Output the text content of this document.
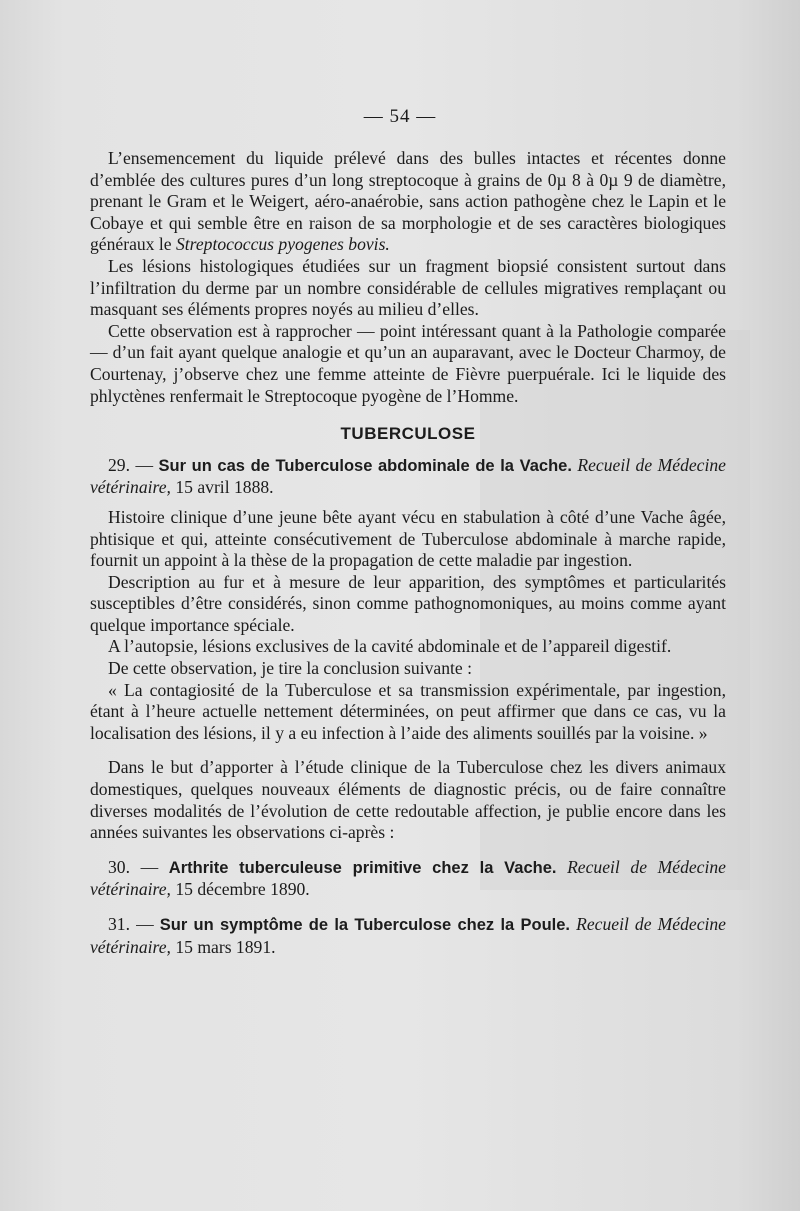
— 54 —

L’ensemencement du liquide prélevé dans des bulles intactes et récentes donne d’emblée des cultures pures d’un long streptocoque à grains de 0µ 8 à 0µ 9 de diamètre, prenant le Gram et le Weigert, aéro-anaérobie, sans action pathogène chez le Lapin et le Cobaye et qui semble être en raison de sa morphologie et de ses caractères biologiques généraux le Streptococcus pyogenes bovis.

Les lésions histologiques étudiées sur un fragment biopsié consistent surtout dans l’infiltration du derme par un nombre considérable de cellules migratives remplaçant ou masquant ses éléments propres noyés au milieu d’elles.

Cette observation est à rapprocher — point intéressant quant à la Pathologie comparée — d’un fait ayant quelque analogie et qu’un an auparavant, avec le Docteur Charmoy, de Courtenay, j’observe chez une femme atteinte de Fièvre puerpuérale. Ici le liquide des phlyctènes renfermait le Streptocoque pyogène de l’Homme.

TUBERCULOSE

29. — Sur un cas de Tuberculose abdominale de la Vache. Recueil de Médecine vétérinaire, 15 avril 1888.

Histoire clinique d’une jeune bête ayant vécu en stabulation à côté d’une Vache âgée, phtisique et qui, atteinte consécutivement de Tuberculose abdominale à marche rapide, fournit un appoint à la thèse de la propagation de cette maladie par ingestion.

Description au fur et à mesure de leur apparition, des symptômes et particularités susceptibles d’être considérés, sinon comme pathognomoniques, au moins comme ayant quelque importance spéciale.

A l’autopsie, lésions exclusives de la cavité abdominale et de l’appareil digestif.

De cette observation, je tire la conclusion suivante :

« La contagiosité de la Tuberculose et sa transmission expérimentale, par ingestion, étant à l’heure actuelle nettement déterminées, on peut affirmer que dans ce cas, vu la localisation des lésions, il y a eu infection à l’aide des aliments souillés par la voisine. »

Dans le but d’apporter à l’étude clinique de la Tuberculose chez les divers animaux domestiques, quelques nouveaux éléments de diagnostic précis, ou de faire connaître diverses modalités de l’évolution de cette redoutable affection, je publie encore dans les années suivantes les observations ci-après :

30. — Arthrite tuberculeuse primitive chez la Vache. Recueil de Médecine vétérinaire, 15 décembre 1890.

31. — Sur un symptôme de la Tuberculose chez la Poule. Recueil de Médecine vétérinaire, 15 mars 1891.
